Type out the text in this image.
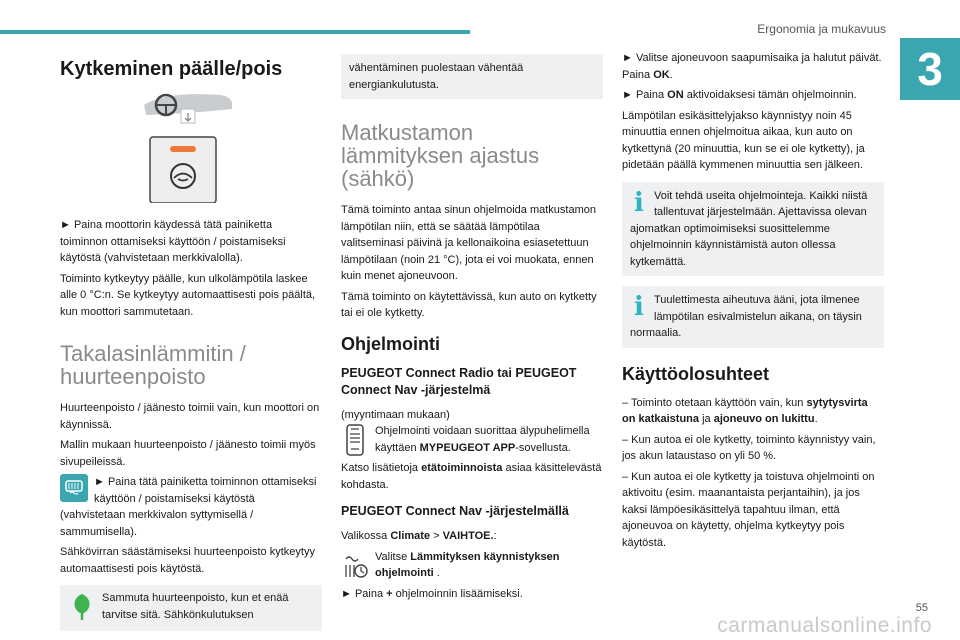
Ergonomia ja mukavuus
3
Kytkeminen päälle/pois

► Paina moottorin käydessä tätä painiketta toiminnon ottamiseksi käyttöön / poistamiseksi käytöstä (vahvistetaan merkkivalolla).

Toiminto kytkeytyy päälle, kun ulkolämpötila laskee alle 0 °C:n. Se kytkeytyy automaattisesti pois päältä, kun moottori sammutetaan.

Takalasinlämmitin /
huurteenpoisto

Huurteenpoisto / jäänesto toimii vain, kun moottori on käynnissä.

Mallin mukaan huurteenpoisto / jäänesto toimii myös sivupeileissä.

► Paina tätä painiketta toiminnon ottamiseksi käyttöön / poistamiseksi käytöstä (vahvistetaan merkkivalon syttymisellä / sammumisella).

Sähkövirran säästämiseksi huurteenpoisto kytkeytyy automaattisesti pois käytöstä.

Sammuta huurteenpoisto, kun et enää tarvitse sitä. Sähkönkulutuksen
vähentäminen puolestaan vähentää energiankulutusta.
Matkustamon
lämmityksen ajastus
(sähkö)

Tämä toiminto antaa sinun ohjelmoida matkustamon lämpötilan niin, että se säätää lämpötilaa valitseminasi päivinä ja kellonaikoina esiasetettuun lämpötilaan (noin 21 °C), jota ei voi muokata, ennen kuin menet ajoneuvoon.

Tämä toiminto on käytettävissä, kun auto on kytketty tai ei ole kytketty.

Ohjelmointi
PEUGEOT Connect Radio tai PEUGEOT Connect Nav -järjestelmä

(myyntimaan mukaan)

Ohjelmointi voidaan suorittaa älypuhelimella käyttäen MYPEUGEOT APP-sovellusta.

Katso lisätietoja etätoiminnoista asiaa käsittelevästä kohdasta.

PEUGEOT Connect Nav -järjestelmällä

Valikossa Climate > VAIHTOE.:

Valitse Lämmityksen käynnistyksen ohjelmointi .

► Paina + ohjelmoinnin lisäämiseksi.

► Valitse ajoneuvoon saapumisaika ja halutut päivät. Paina OK.

► Paina ON aktivoidaksesi tämän ohjelmoinnin.

Lämpötilan esikäsittelyjakso käynnistyy noin 45 minuuttia ennen ohjelmoitua aikaa, kun auto on kytkettynä (20 minuuttia, kun se ei ole kytketty), ja pidetään päällä kymmenen minuuttia sen jälkeen.

i Voit tehdä useita ohjelmointeja. Kaikki niistä tallentuvat järjestelmään. Ajettavissa olevan ajomatkan optimoimiseksi suosittelemme ohjelmoinnin käynnistämistä auton ollessa kytkemättä.
i Tuulettimesta aiheutuva ääni, jota ilmenee lämpötilan esivalmistelun aikana, on täysin normaalia.
Käyttöolosuhteet

– Toiminto otetaan käyttöön vain, kun sytytysvirta on katkaistuna ja ajoneuvo on lukittu.

– Kun autoa ei ole kytketty, toiminto käynnistyy vain, jos akun lataustaso on yli 50 %.

– Kun autoa ei ole kytketty ja toistuva ohjelmointi on aktivoitu (esim. maanantaista perjantaihin), ja jos kaksi lämpöesikäsittelyä tapahtuu ilman, että ajoneuvoa on käytetty, ohjelma kytkeytyy pois käytöstä.

carmanualsonline.info
55
